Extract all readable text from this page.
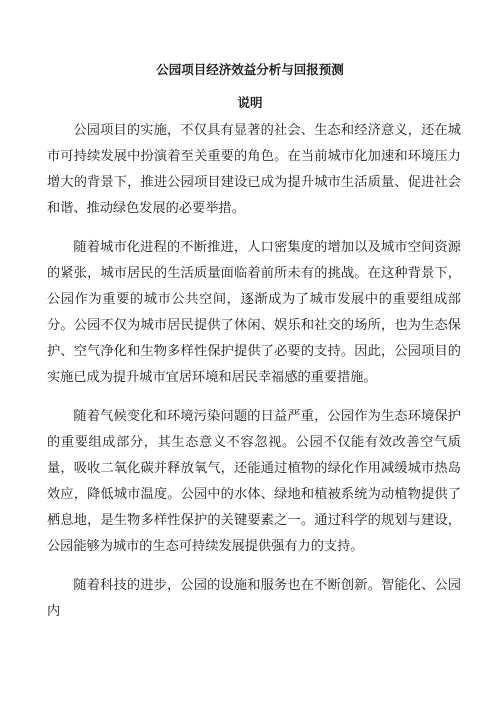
公园项目经济效益分析与回报预测
说明

公园项目的实施，不仅具有显著的社会、生态和经济意义，还在城市可持续发展中扮演着至关重要的角色。在当前城市化加速和环境压力增大的背景下，推进公园项目建设已成为提升城市生活质量、促进社会和谐、推动绿色发展的必要举措。

随着城市化进程的不断推进，人口密集度的增加以及城市空间资源的紧张，城市居民的生活质量面临着前所未有的挑战。在这种背景下，公园作为重要的城市公共空间，逐渐成为了城市发展中的重要组成部分。公园不仅为城市居民提供了休闲、娱乐和社交的场所，也为生态保护、空气净化和生物多样性保护提供了必要的支持。因此，公园项目的实施已成为提升城市宜居环境和居民幸福感的重要措施。

随着气候变化和环境污染问题的日益严重，公园作为生态环境保护的重要组成部分，其生态意义不容忽视。公园不仅能有效改善空气质量，吸收二氧化碳并释放氧气，还能通过植物的绿化作用减缓城市热岛效应，降低城市温度。公园中的水体、绿地和植被系统为动植物提供了栖息地，是生物多样性保护的关键要素之一。通过科学的规划与建设，公园能够为城市的生态可持续发展提供强有力的支持。

随着科技的进步，公园的设施和服务也在不断创新。智能化、公园内
